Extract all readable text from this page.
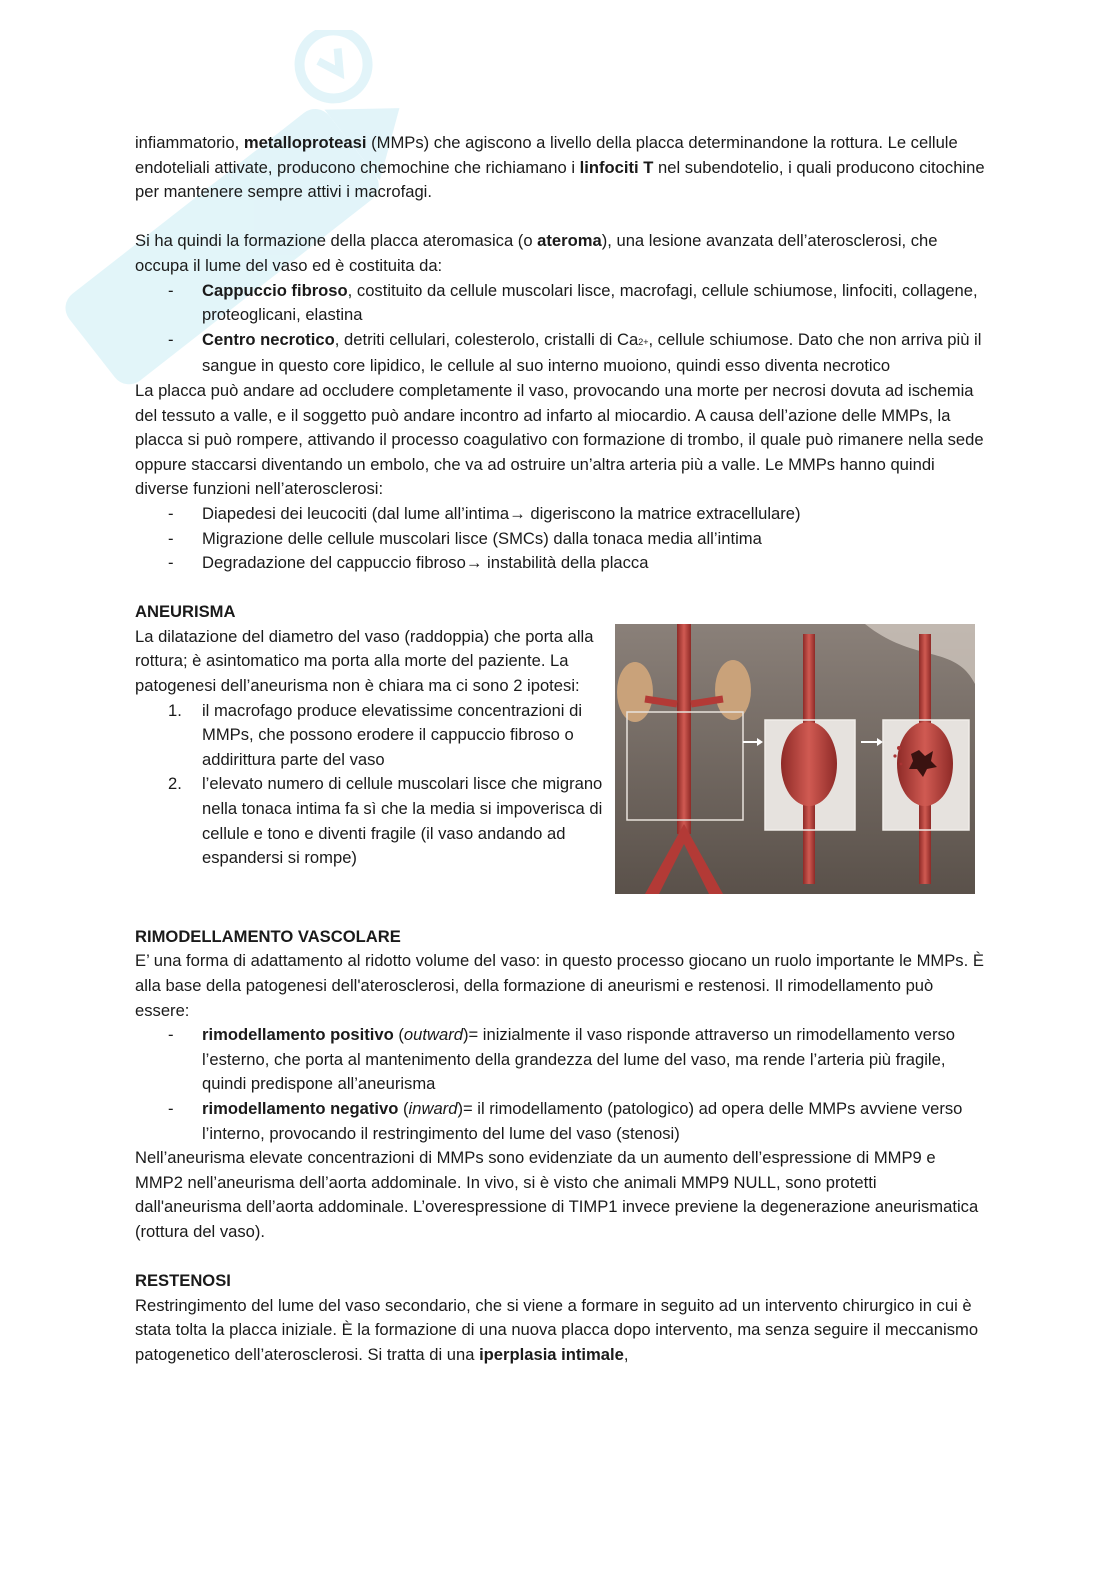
infiammatorio, metalloproteasi (MMPs) che agiscono a livello della placca determinandone la rottura. Le cellule endoteliali attivate, producono chemochine che richiamano i linfociti T nel subendotelio, i quali producono citochine per mantenere sempre attivi i macrofagi.

Si ha quindi la formazione della placca ateromasica (o ateroma), una lesione avanzata dell’aterosclerosi, che occupa il lume del vaso ed è costituita da:

- Cappuccio fibroso, costituito da cellule muscolari lisce, macrofagi, cellule schiumose, linfociti, collagene, proteoglicani, elastina
- Centro necrotico, detriti cellulari, colesterolo, cristalli di Ca2+, cellule schiumose. Dato che non arriva più il sangue in questo core lipidico, le cellule al suo interno muoiono, quindi esso diventa necrotico

La placca può andare ad occludere completamente il vaso, provocando una morte per necrosi dovuta ad ischemia del tessuto a valle, e il soggetto può andare incontro ad infarto al miocardio. A causa dell’azione delle MMPs, la placca si può rompere, attivando il processo coagulativo con formazione di trombo, il quale può rimanere nella sede oppure staccarsi diventando un embolo, che va ad ostruire un’altra arteria più a valle. Le MMPs hanno quindi diverse funzioni nell’aterosclerosi:

- Diapedesi dei leucociti (dal lume all’intima→ digeriscono la matrice extracellulare)
- Migrazione delle cellule muscolari lisce (SMCs) dalla tonaca media all’intima
- Degradazione del cappuccio fibroso→ instabilità della placca

ANEURISMA

La dilatazione del diametro del vaso (raddoppia) che porta alla rottura; è asintomatico ma porta alla morte del paziente. La patogenesi dell’aneurisma non è chiara ma ci sono 2 ipotesi:

1. il macrofago produce elevatissime concentrazioni di MMPs, che possono erodere il cappuccio fibroso o addirittura parte del vaso
2. l’elevato numero di cellule muscolari lisce che migrano nella tonaca intima fa sì che la media si impoverisca di cellule e tono e diventi fragile (il vaso andando ad espandersi si rompe)

RIMODELLAMENTO VASCOLARE

E’ una forma di adattamento al ridotto volume del vaso: in questo processo giocano un ruolo importante le MMPs. È alla base della patogenesi dell'aterosclerosi, della formazione di aneurismi e restenosi. Il rimodellamento può essere:

- rimodellamento positivo (outward)= inizialmente il vaso risponde attraverso un rimodellamento verso l’esterno, che porta al mantenimento della grandezza del lume del vaso, ma rende l’arteria più fragile, quindi predispone all’aneurisma
- rimodellamento negativo (inward)= il rimodellamento (patologico) ad opera delle MMPs avviene verso l’interno, provocando il restringimento del lume del vaso (stenosi)

Nell’aneurisma elevate concentrazioni di MMPs sono evidenziate da un aumento dell’espressione di MMP9 e MMP2 nell’aneurisma dell’aorta addominale. In vivo, si è visto che animali MMP9 NULL, sono protetti dall'aneurisma dell’aorta addominale. L’overespressione di TIMP1 invece previene la degenerazione aneurismatica (rottura del vaso).

RESTENOSI

Restringimento del lume del vaso secondario, che si viene a formare in seguito ad un intervento chirurgico in cui è stata tolta la placca iniziale. È la formazione di una nuova placca dopo intervento, ma senza seguire il meccanismo patogenetico dell’aterosclerosi. Si tratta di una iperplasia intimale,
